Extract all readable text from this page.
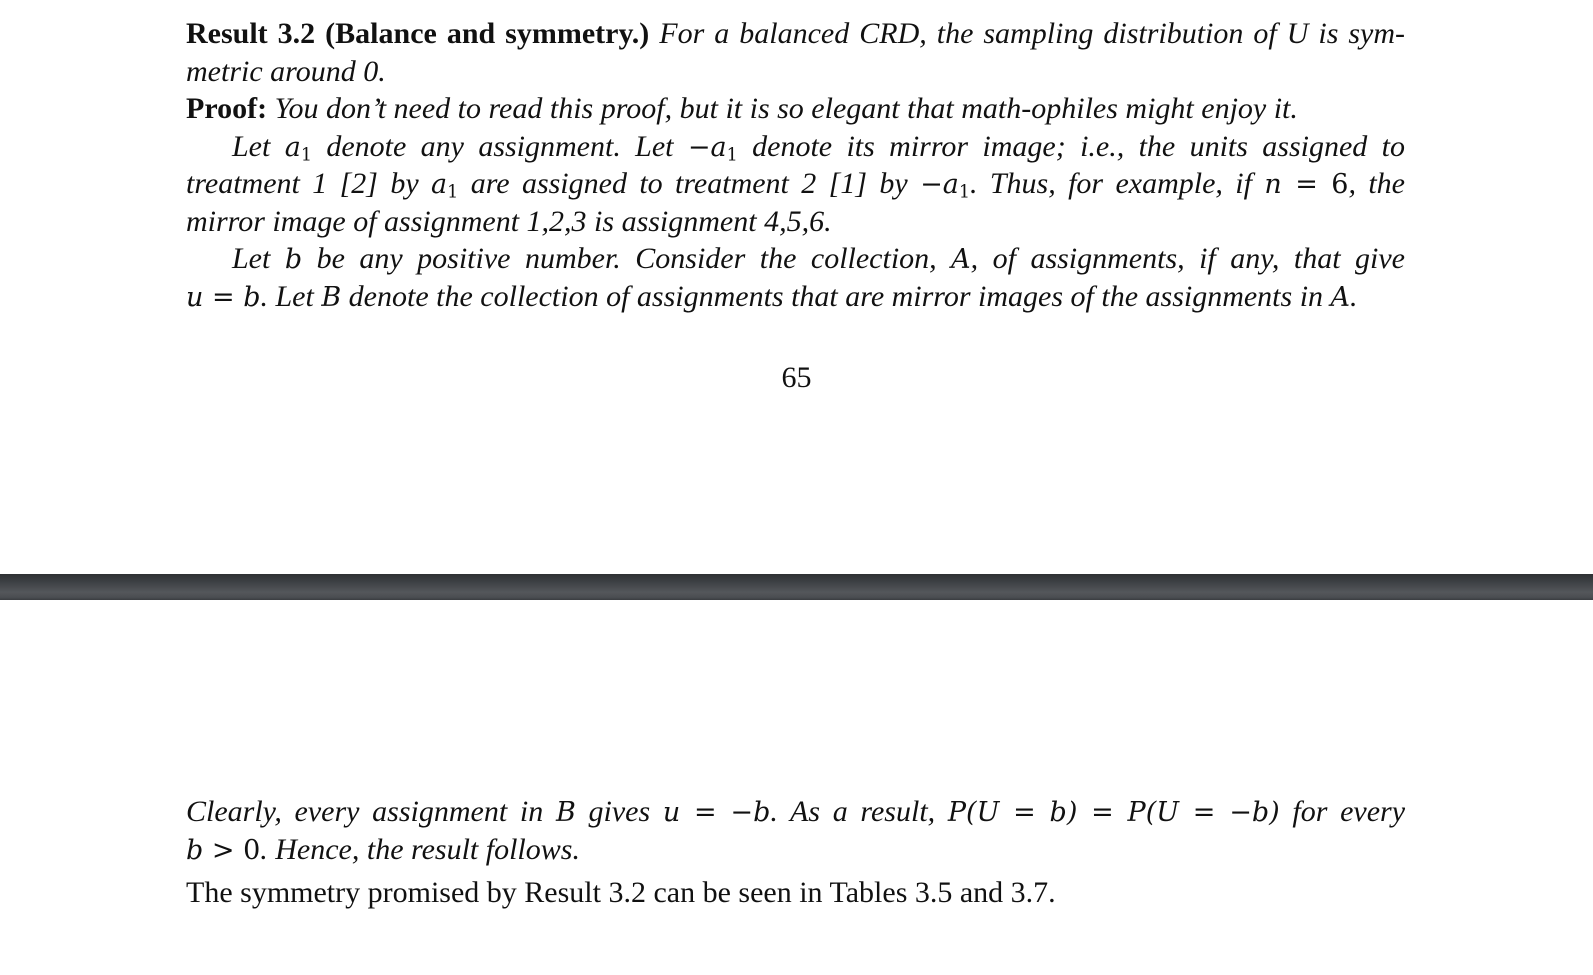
Result 3.2 (Balance and symmetry.) For a balanced CRD, the sampling distribution of U is sym-
metric around 0.
Proof: You don’t need to read this proof, but it is so elegant that math-ophiles might enjoy it.
Let $a_1$ denote any assignment. Let $-a_1$ denote its mirror image; i.e., the units assigned to
treatment 1 [2] by $a_1$ are assigned to treatment 2 [1] by $-a_1$. Thus, for example, if n = 6, the
mirror image of assignment 1,2,3 is assignment 4,5,6.
Let b be any positive number. Consider the collection, A, of assignments, if any, that give
u = b. Let B denote the collection of assignments that are mirror images of the assignments in A.
65
Clearly, every assignment in B gives u = −b. As a result, P(U = b) = P(U = −b) for every
b > 0. Hence, the result follows.
The symmetry promised by Result 3.2 can be seen in Tables 3.5 and 3.7.
